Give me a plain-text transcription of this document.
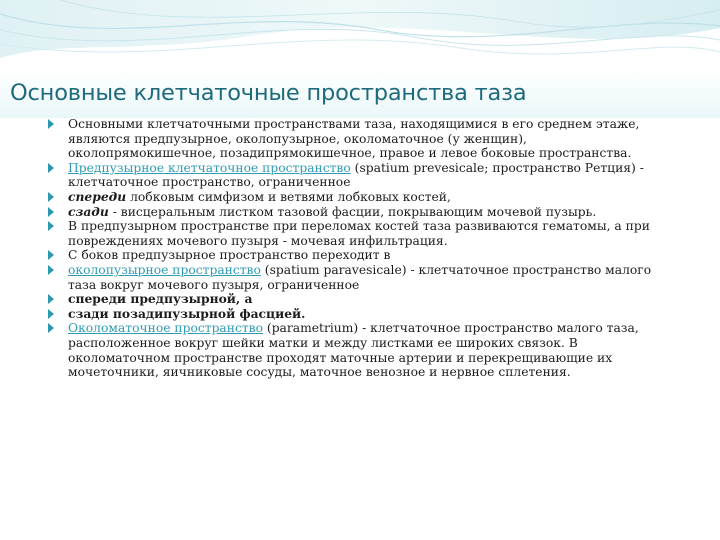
Основные клетчаточные пространства таза
Основными клетчаточными пространствами таза, находящимися в его среднем этаже, являются предпузырное, околопузырное, околоматочное (у женщин), околопрямокишечное, позадипрямокишечное, правое и левое боковые пространства.
Предпузырное клетчаточное пространство (spatium prevesicale; пространство Ретция) - клетчаточное пространство, ограниченное
спереди лобковым симфизом и ветвями лобковых костей,
сзади - висцеральным листком тазовой фасции, покрывающим мочевой пузырь.
В предпузырном пространстве при переломах костей таза развиваются гематомы, а при повреждениях мочевого пузыря - мочевая инфильтрация.
С боков предпузырное пространство переходит в
околопузырное пространство (spatium paravesicale) - клетчаточное пространство малого таза вокруг мочевого пузыря, ограниченное
спереди предпузырной, а
сзади позадипузырной фасцией.
Околоматочное пространство (parametrium) - клетчаточное пространство малого таза, расположенное вокруг шейки матки и между листками ее широких связок. В околоматочном пространстве проходят маточные артерии и перекрещивающие их мочеточники, яичниковые сосуды, маточное венозное и нервное сплетения.
